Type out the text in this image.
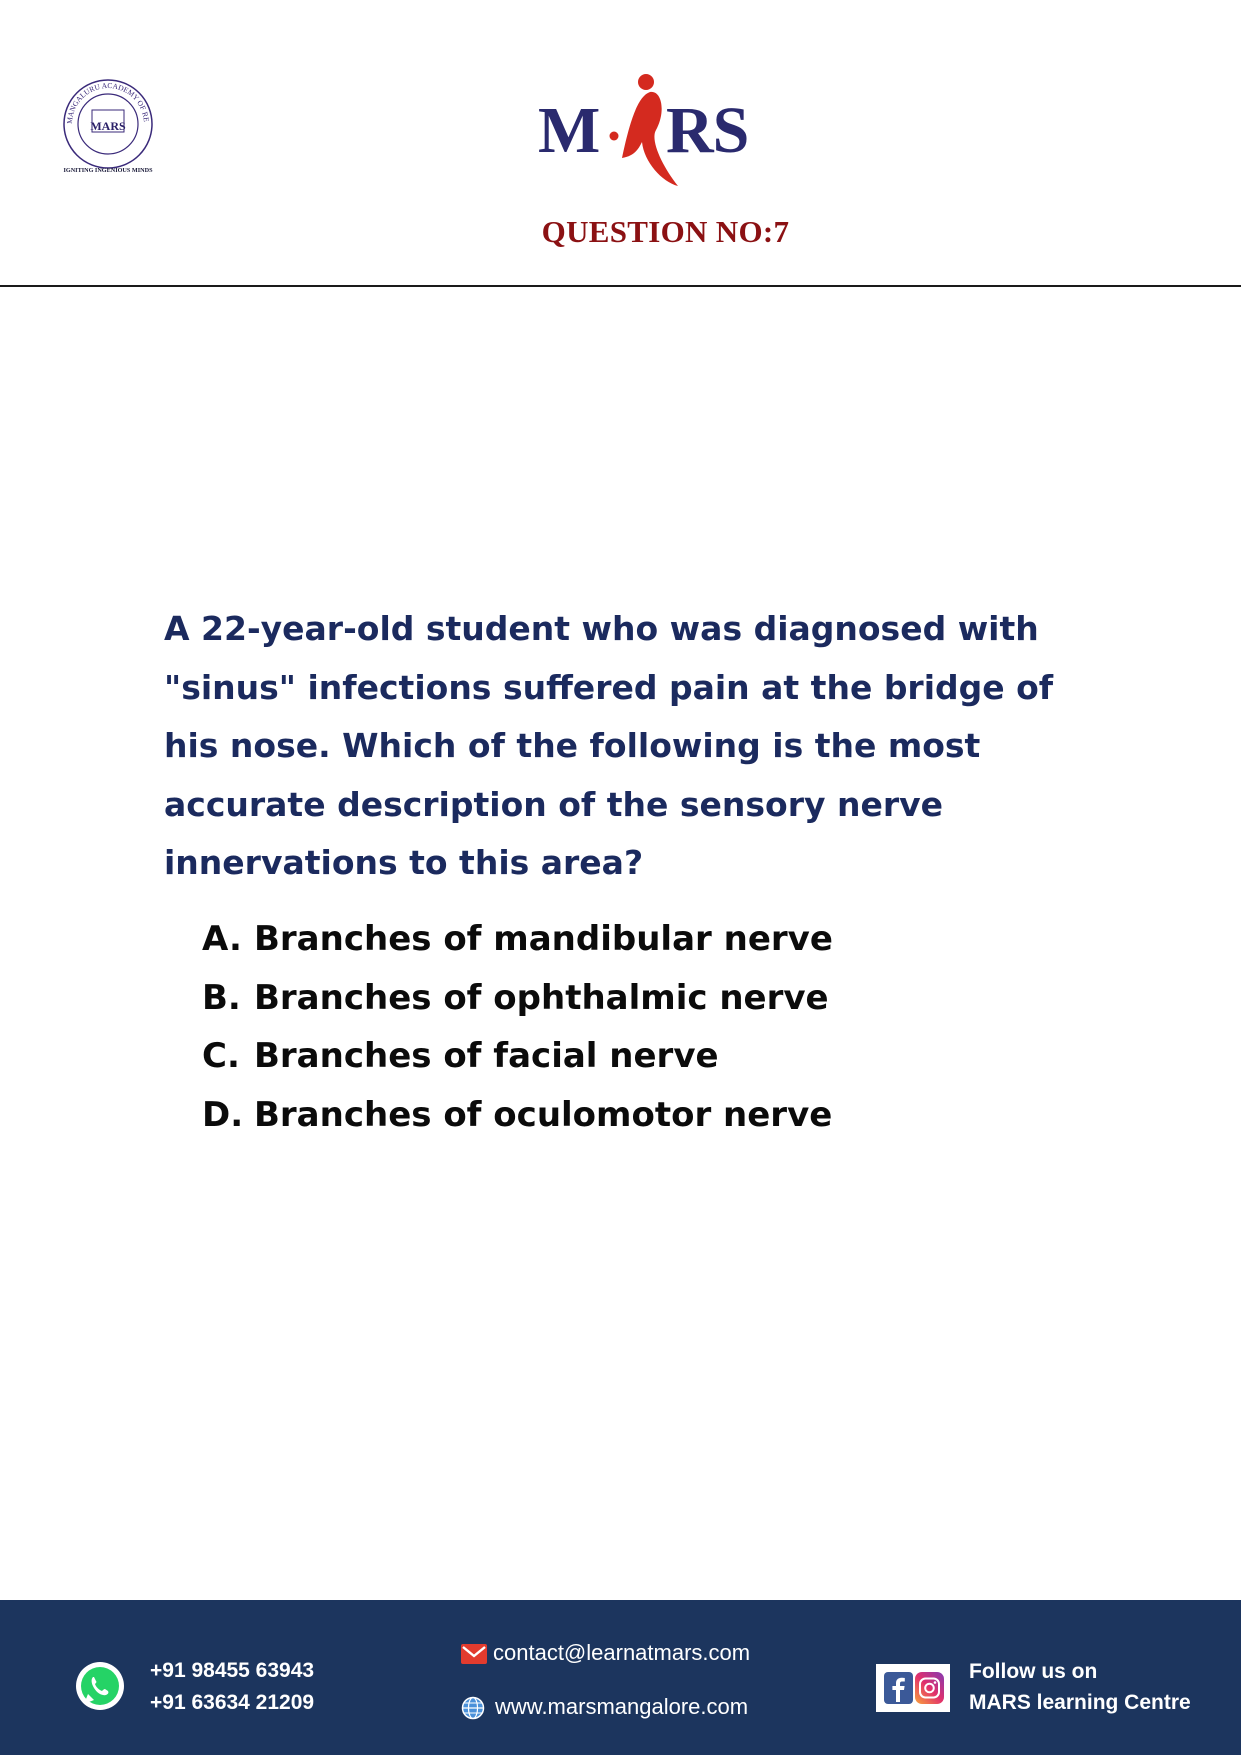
MANGALURU ACADEMY OF RE
MARS
IGNITING INGENIOUS MINDS
M RS
MARS
QUESTION NO:7
A 22-year-old student who was diagnosed with
"sinus" infections suffered pain at the bridge of
his nose. Which of the following is the most
accurate description of the sensory nerve
innervations to this area?
A. Branches of mandibular nerve
B. Branches of ophthalmic nerve
C. Branches of facial nerve
D. Branches of oculomotor nerve
+91 98455 63943
+91 63634 21209
contact@learnatmars.com
www.marsmangalore.com
Follow us on
MARS learning Centre
